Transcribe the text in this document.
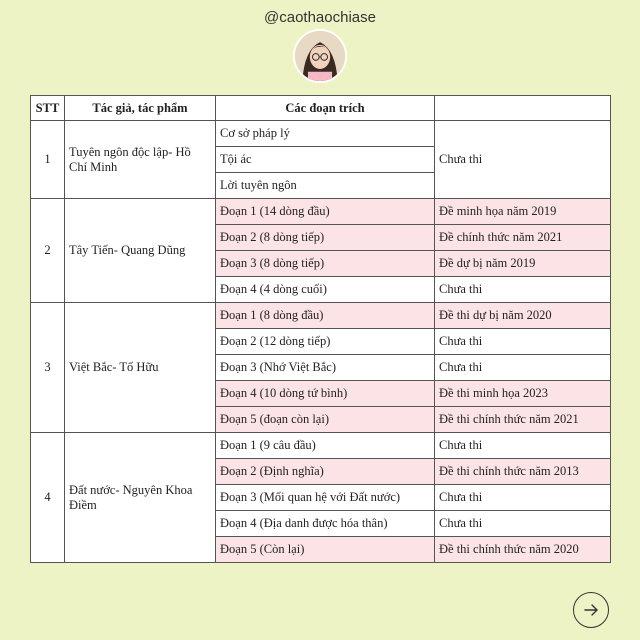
@caothaochiase
STT	Tác giả, tác phẩm	Các đoạn trích	
1	Tuyên ngôn độc lập- Hồ Chí Minh	Cơ sở pháp lý	Chưa thi
		Tội ác	
		Lời tuyên ngôn	
2	Tây Tiến- Quang Dũng	Đoạn 1 (14 dòng đầu)	Đề minh họa năm 2019
		Đoạn 2 (8 dòng tiếp)	Đề chính thức năm 2021
		Đoạn 3 (8 dòng tiếp)	Đề dự bị năm 2019
		Đoạn 4 (4 dòng cuối)	Chưa thi
3	Việt Bắc- Tố Hữu	Đoạn 1 (8 dòng đầu)	Đề thi dự bị năm 2020
		Đoạn 2 (12 dòng tiếp)	Chưa thi
		Đoạn 3 (Nhớ Việt Bắc)	Chưa thi
		Đoạn 4 (10 dòng tứ bình)	Đề thi minh họa 2023
		Đoạn 5 (đoạn còn lại)	Đề thi chính thức năm 2021
4	Đất nước- Nguyên Khoa Điềm	Đoạn 1 (9 câu đầu)	Chưa thi
		Đoạn 2 (Định nghĩa)	Đề thi chính thức năm 2013
		Đoạn 3 (Mối quan hệ với Đất nước)	Chưa thi
		Đoạn 4 (Địa danh được hóa thân)	Chưa thi
		Đoạn 5 (Còn lại)	Đề thi chính thức năm 2020
